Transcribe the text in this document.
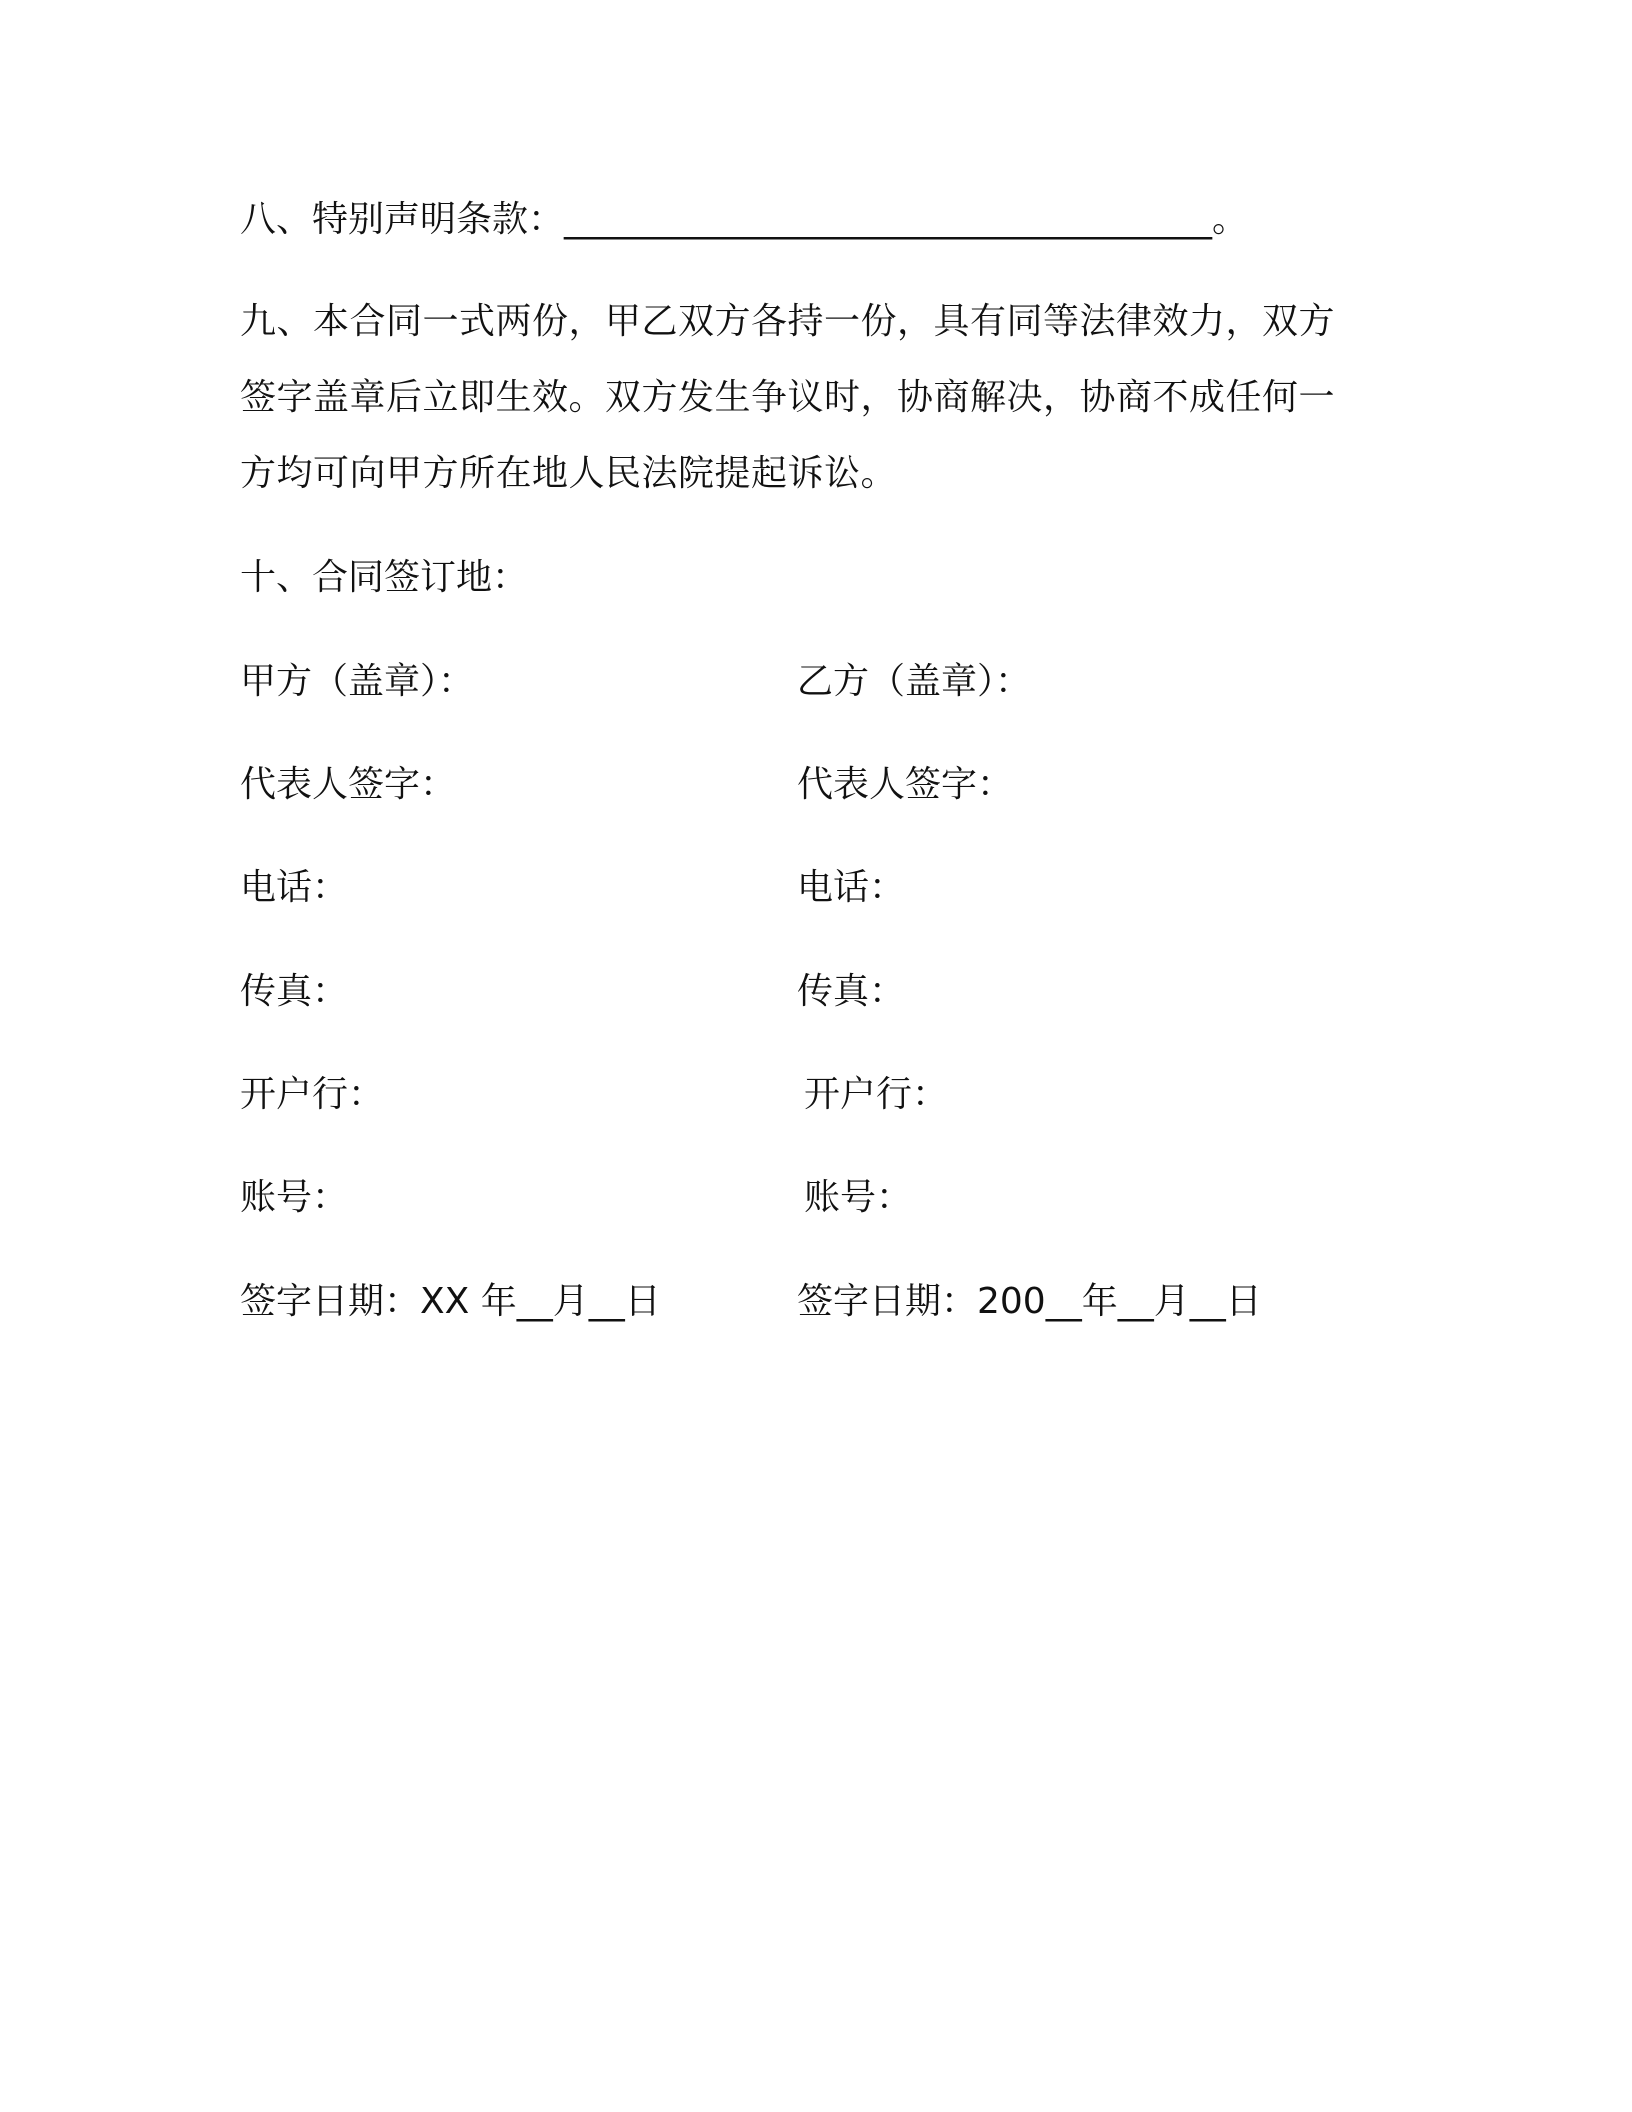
八、特别声明条款：____________________________________。

九、本合同一式两份，甲乙双方各持一份，具有同等法律效力，双方

签字盖章后立即生效。双方发生争议时，协商解决，协商不成任何一

方均可向甲方所在地人民法院提起诉讼。

十、合同签订地：
甲方（盖章）：
代表人签字：
电话：
传真：
开户行：
账号：
签字日期：XX 年__月__日
乙方（盖章）：
代表人签字：
电话：
传真：
开户行：
账号：
签字日期：200__年__月__日
